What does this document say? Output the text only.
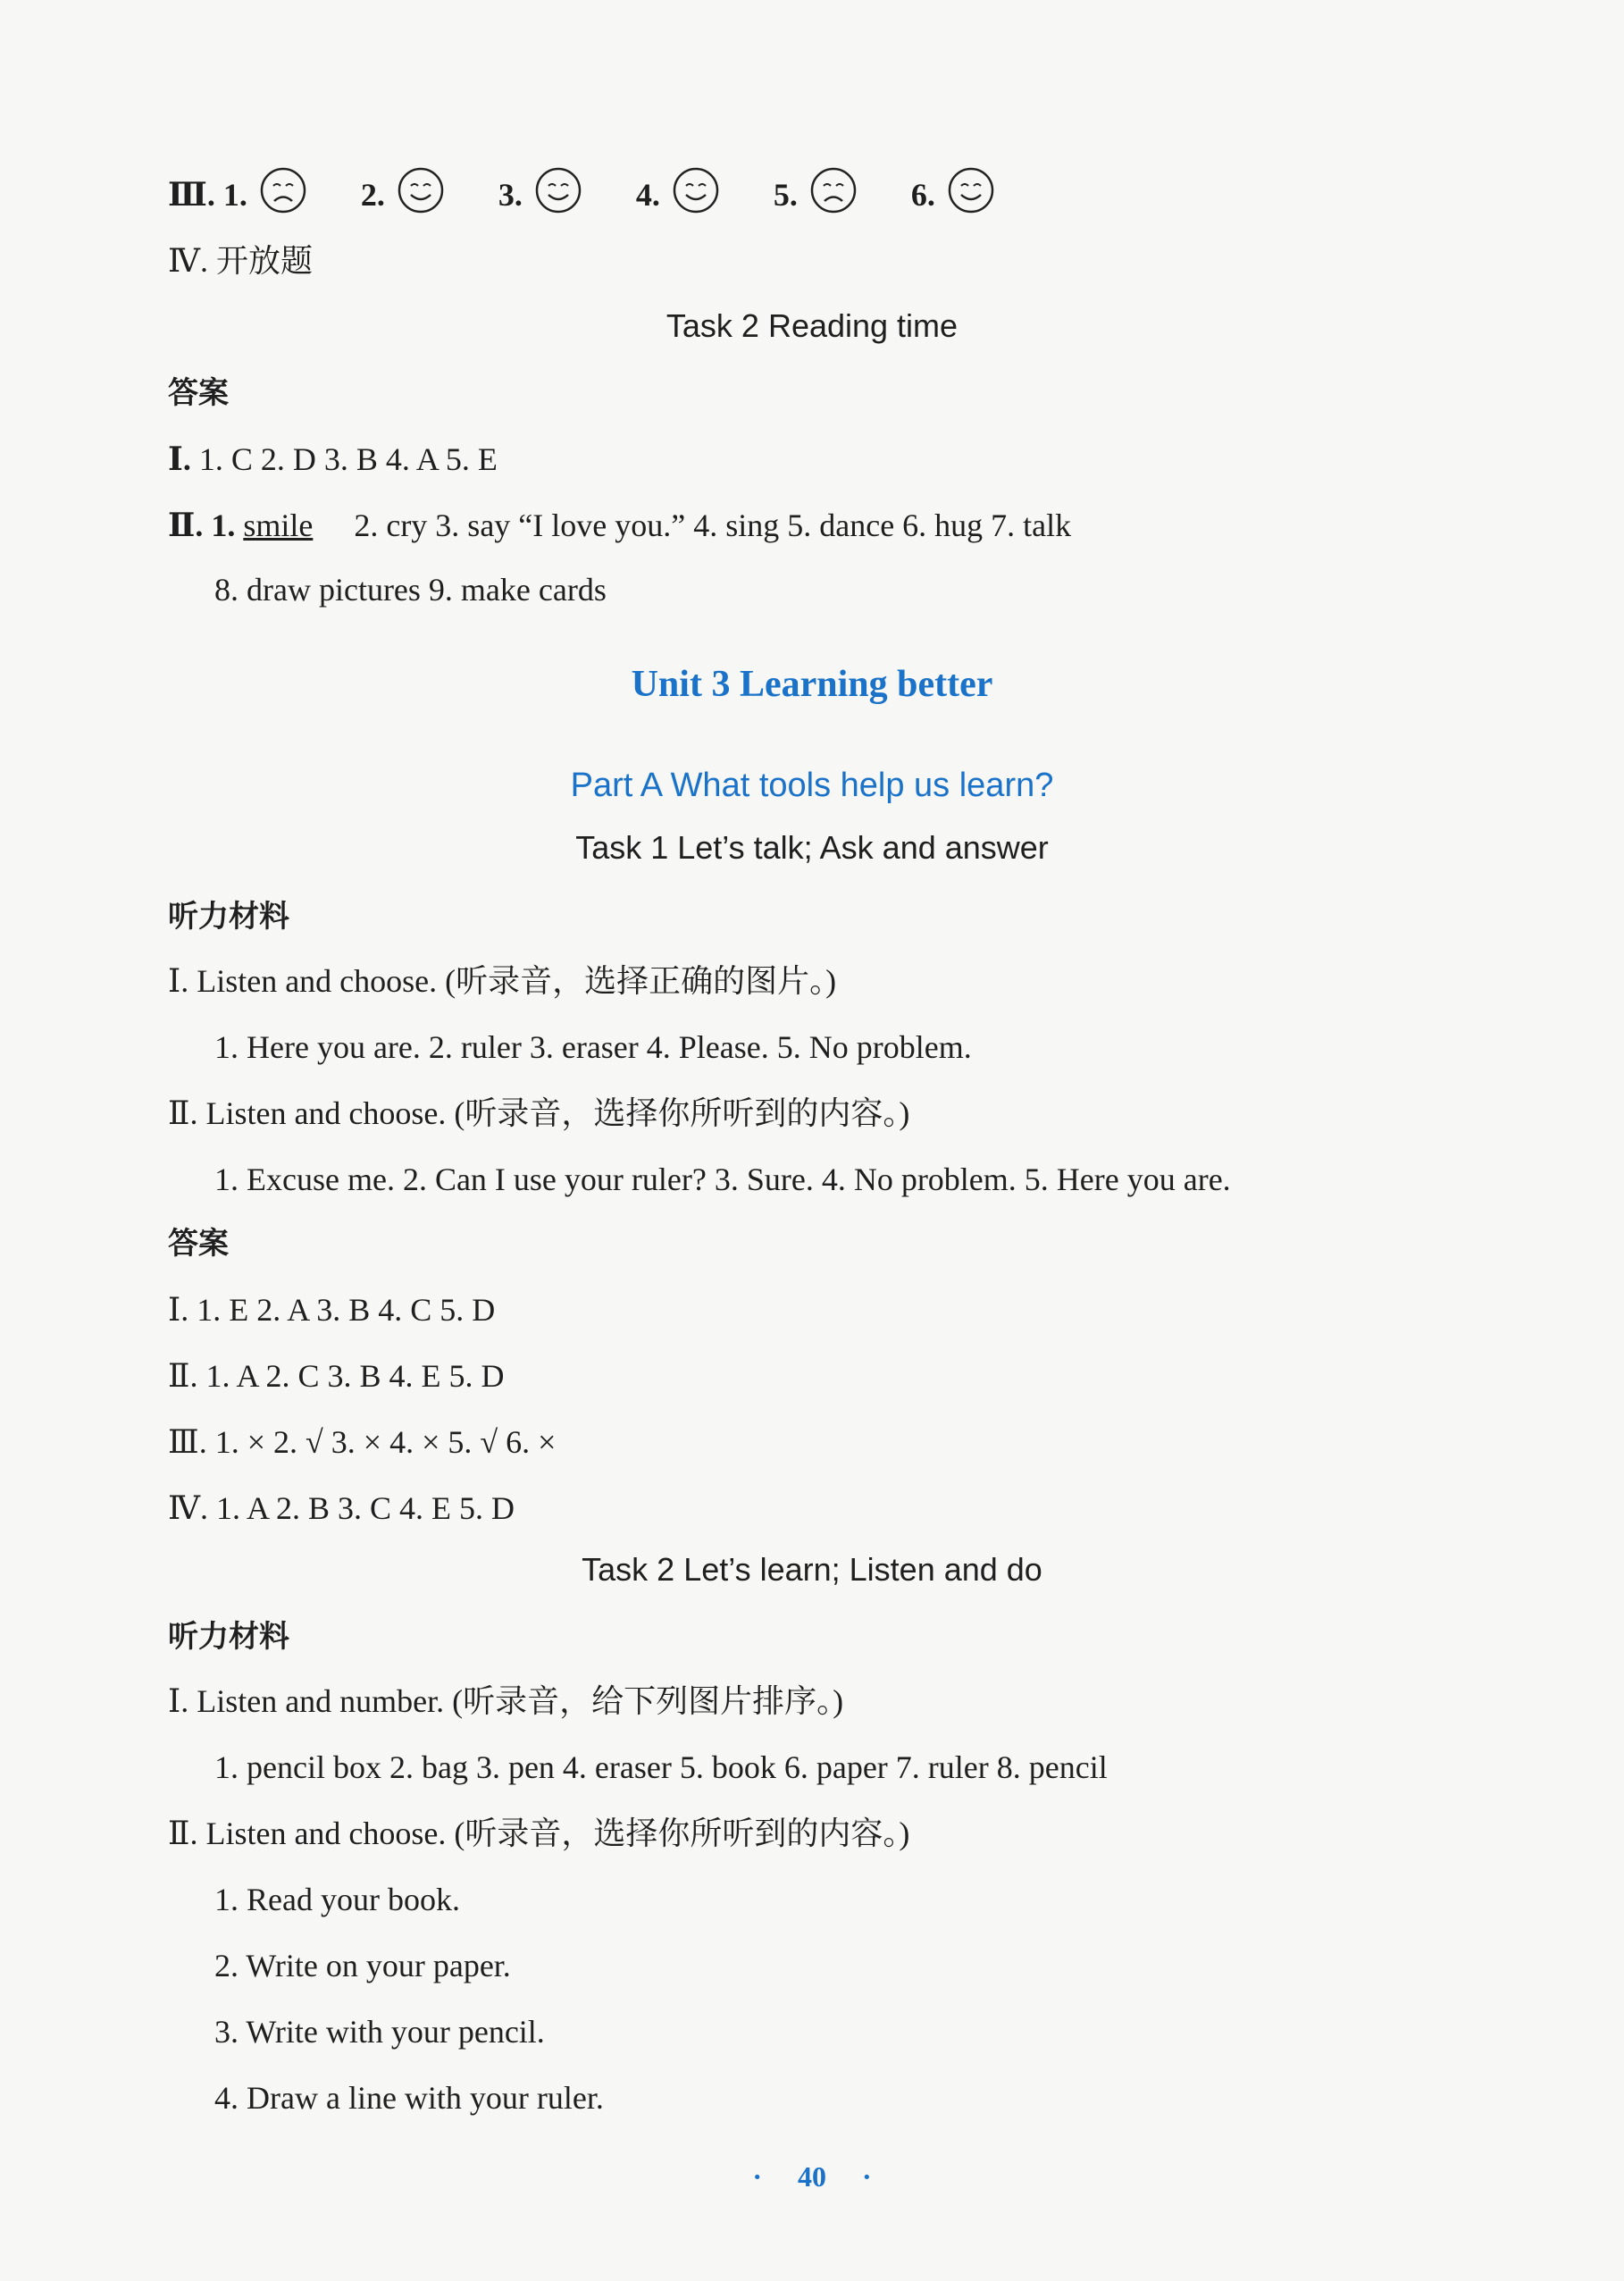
Ⅲ. 1.	2.	3.	4.	5.	6.
Ⅳ. 开放题
Task 2 Reading time
答案
Ⅰ. 1. C 2. D 3. B 4. A 5. E
Ⅱ. 1. smile 2. cry 3. say “I love you.” 4. sing 5. dance 6. hug 7. talk
8. draw pictures 9. make cards
Unit 3 Learning better
Part A What tools help us learn?
Task 1 Let’s talk; Ask and answer
听力材料
Ⅰ. Listen and choose. (听录音，选择正确的图片。)
1. Here you are. 2. ruler 3. eraser 4. Please. 5. No problem.
Ⅱ. Listen and choose. (听录音，选择你所听到的内容。)
1. Excuse me. 2. Can I use your ruler? 3. Sure. 4. No problem. 5. Here you are.
答案
Ⅰ. 1. E 2. A 3. B 4. C 5. D
Ⅱ. 1. A 2. C 3. B 4. E 5. D
Ⅲ. 1. × 2. √ 3. × 4. × 5. √ 6. ×
Ⅳ. 1. A 2. B 3. C 4. E 5. D
Task 2 Let’s learn; Listen and do
听力材料
Ⅰ. Listen and number. (听录音，给下列图片排序。)
1. pencil box 2. bag 3. pen 4. eraser 5. book 6. paper 7. ruler 8. pencil
Ⅱ. Listen and choose. (听录音，选择你所听到的内容。)
1. Read your book.
2. Write on your paper.
3. Write with your pencil.
4. Draw a line with your ruler.
· 40 ·
